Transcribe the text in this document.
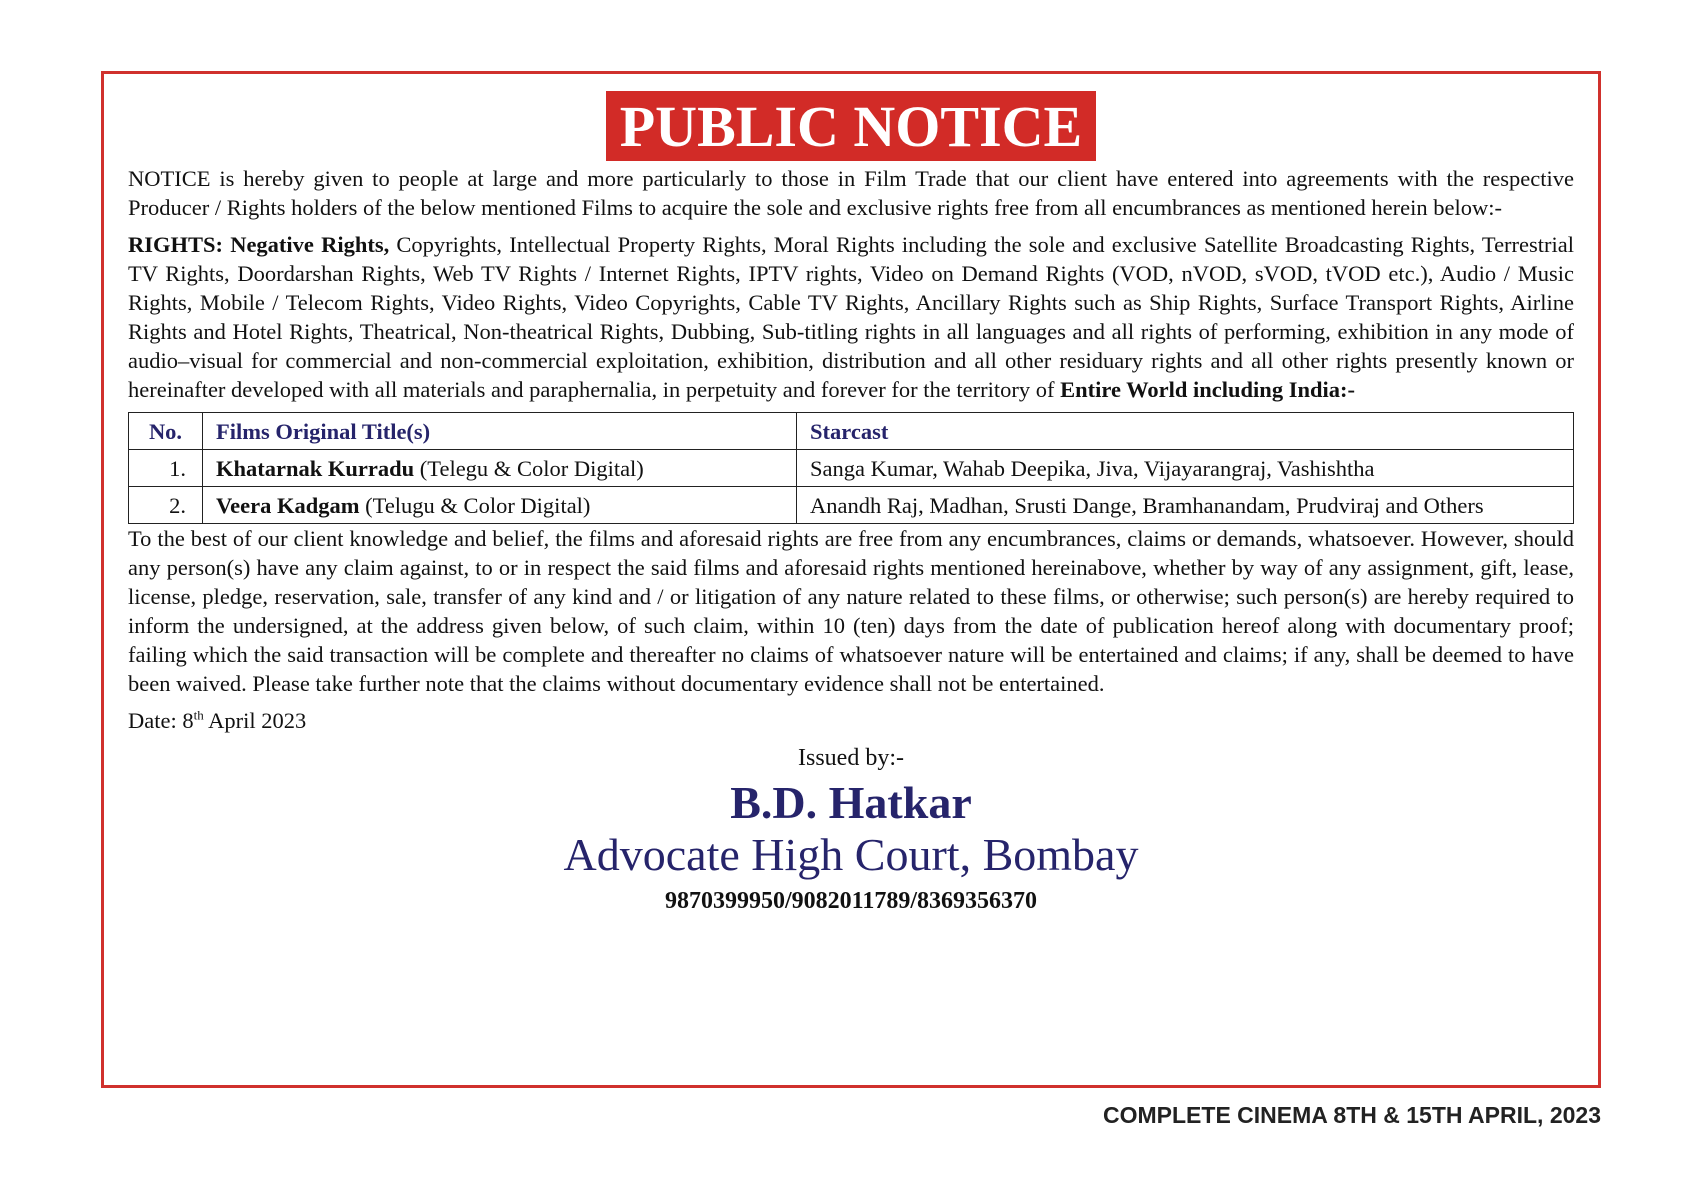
PUBLIC NOTICE

NOTICE is hereby given to people at large and more particularly to those in Film Trade that our client have entered into agreements with the respective Producer / Rights holders of the below mentioned Films to acquire the sole and exclusive rights free from all encumbrances as mentioned herein below:-

RIGHTS: Negative Rights, Copyrights, Intellectual Property Rights, Moral Rights including the sole and exclusive Satellite Broadcasting Rights, Terrestrial TV Rights, Doordarshan Rights, Web TV Rights / Internet Rights, IPTV rights, Video on Demand Rights (VOD, nVOD, sVOD, tVOD etc.), Audio / Music Rights, Mobile / Telecom Rights, Video Rights, Video Copyrights, Cable TV Rights, Ancillary Rights such as Ship Rights, Surface Transport Rights, Airline Rights and Hotel Rights, Theatrical, Non-theatrical Rights, Dubbing, Sub-titling rights in all languages and all rights of performing, exhibition in any mode of audio–visual for commercial and non-commercial exploitation, exhibition, distribution and all other residuary rights and all other rights presently known or hereinafter developed with all materials and paraphernalia, in perpetuity and forever for the territory of Entire World including India:-

No.	Films Original Title(s)	Starcast
1.	Khatarnak Kurradu (Telegu & Color Digital)	Sanga Kumar, Wahab Deepika, Jiva, Vijayarangraj, Vashishtha
2.	Veera Kadgam (Telugu & Color Digital)	Anandh Raj, Madhan, Srusti Dange, Bramhanandam, Prudviraj and Others

To the best of our client knowledge and belief, the films and aforesaid rights are free from any encumbrances, claims or demands, whatsoever. However, should any person(s) have any claim against, to or in respect the said films and aforesaid rights mentioned hereinabove, whether by way of any assignment, gift, lease, license, pledge, reservation, sale, transfer of any kind and / or litigation of any nature related to these films, or otherwise; such person(s) are hereby required to inform the undersigned, at the address given below, of such claim, within 10 (ten) days from the date of publication hereof along with documentary proof; failing which the said transaction will be complete and thereafter no claims of whatsoever nature will be entertained and claims; if any, shall be deemed to have been waived. Please take further note that the claims without documentary evidence shall not be entertained.

Date: 8th April 2023
Issued by:-
B.D. Hatkar
Advocate High Court, Bombay
9870399950/9082011789/8369356370
COMPLETE CINEMA 8TH & 15TH APRIL, 2023
